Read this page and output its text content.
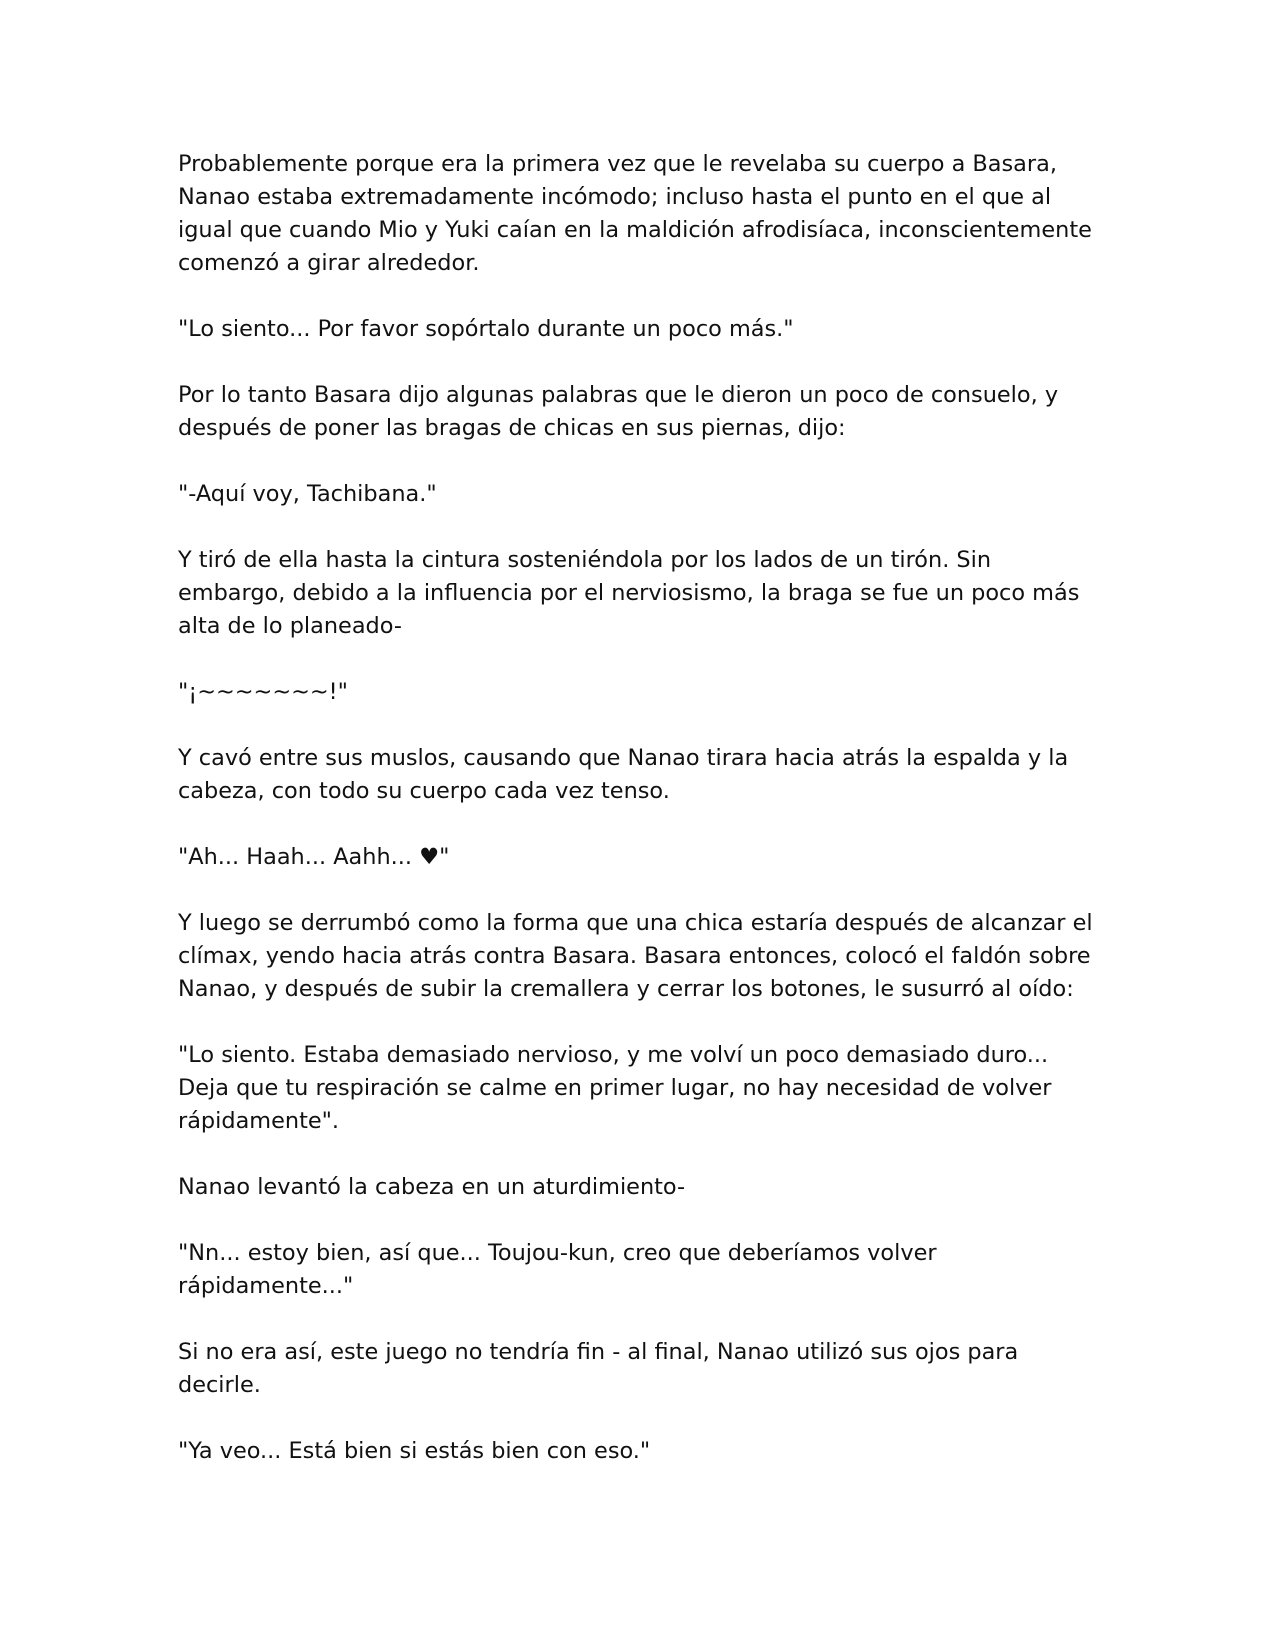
Probablemente porque era la primera vez que le revelaba su cuerpo a Basara, Nanao estaba extremadamente incómodo; incluso hasta el punto en el que al igual que cuando Mio y Yuki caían en la maldición afrodisíaca, inconscientemente comenzó a girar alrededor.

"Lo siento... Por favor sopórtalo durante un poco más."

Por lo tanto Basara dijo algunas palabras que le dieron un poco de consuelo, y después de poner las bragas de chicas en sus piernas, dijo:

"-Aquí voy, Tachibana."

Y tiró de ella hasta la cintura sosteniéndola por los lados de un tirón. Sin embargo, debido a la influencia por el nerviosismo, la braga se fue un poco más alta de lo planeado-

"¡~~~~~~~!"

Y cavó entre sus muslos, causando que Nanao tirara hacia atrás la espalda y la cabeza, con todo su cuerpo cada vez tenso.

"Ah... Haah... Aahh... ♥"

Y luego se derrumbó como la forma que una chica estaría después de alcanzar el clímax, yendo hacia atrás contra Basara. Basara entonces, colocó el faldón sobre Nanao, y después de subir la cremallera y cerrar los botones, le susurró al oído:

"Lo siento. Estaba demasiado nervioso, y me volví un poco demasiado duro... Deja que tu respiración se calme en primer lugar, no hay necesidad de volver rápidamente".

Nanao levantó la cabeza en un aturdimiento-

"Nn... estoy bien, así que... Toujou-kun, creo que deberíamos volver rápidamente..."

Si no era así, este juego no tendría fin - al final, Nanao utilizó sus ojos para decirle.

"Ya veo... Está bien si estás bien con eso."
